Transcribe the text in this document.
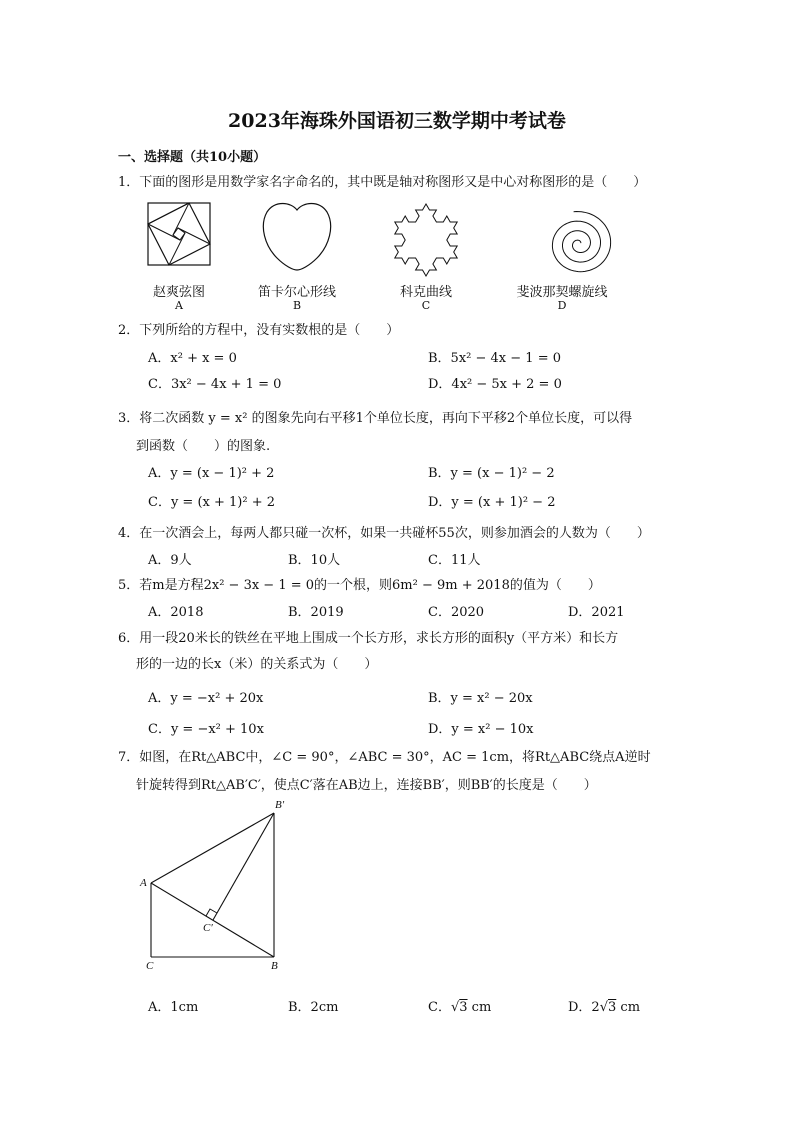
2023年海珠外国语初三数学期中考试卷
一、选择题（共10小题）
1．下面的图形是用数学家名字命名的，其中既是轴对称图形又是中心对称图形的是（　　）
赵爽弦图
A
笛卡尔心形线
B
科克曲线
C
斐波那契螺旋线
D
2．下列所给的方程中，没有实数根的是（　　）
A．x² + x = 0	B．5x² − 4x − 1 = 0
C．3x² − 4x + 1 = 0	D．4x² − 5x + 2 = 0
3．将二次函数 y = x² 的图象先向右平移1个单位长度，再向下平移2个单位长度，可以得
到函数（　　）的图象.
A．y = (x − 1)² + 2	B．y = (x − 1)² − 2
C．y = (x + 1)² + 2	D．y = (x + 1)² − 2
4．在一次酒会上，每两人都只碰一次杯，如果一共碰杯55次，则参加酒会的人数为（　　）
A．9人	B．10人	C．11人
5．若m是方程2x² − 3x − 1 = 0的一个根，则6m² − 9m + 2018的值为（　　）
A．2018	B．2019	C．2020	D．2021
6．用一段20米长的铁丝在平地上围成一个长方形，求长方形的面积y（平方米）和长方
形的一边的长x（米）的关系式为（　　）
A．y = −x² + 20x	B．y = x² − 20x
C．y = −x² + 10x	D．y = x² − 10x
7．如图，在Rt△ABC中，∠C = 90°，∠ABC = 30°，AC = 1cm，将Rt△ABC绕点A逆时
针旋转得到Rt△AB′C′，使点C′落在AB边上，连接BB′，则BB′的长度是（　　）
B′
A
C′
C	B
A．1cm	B．2cm	C．√3 cm	D．2√3 cm
